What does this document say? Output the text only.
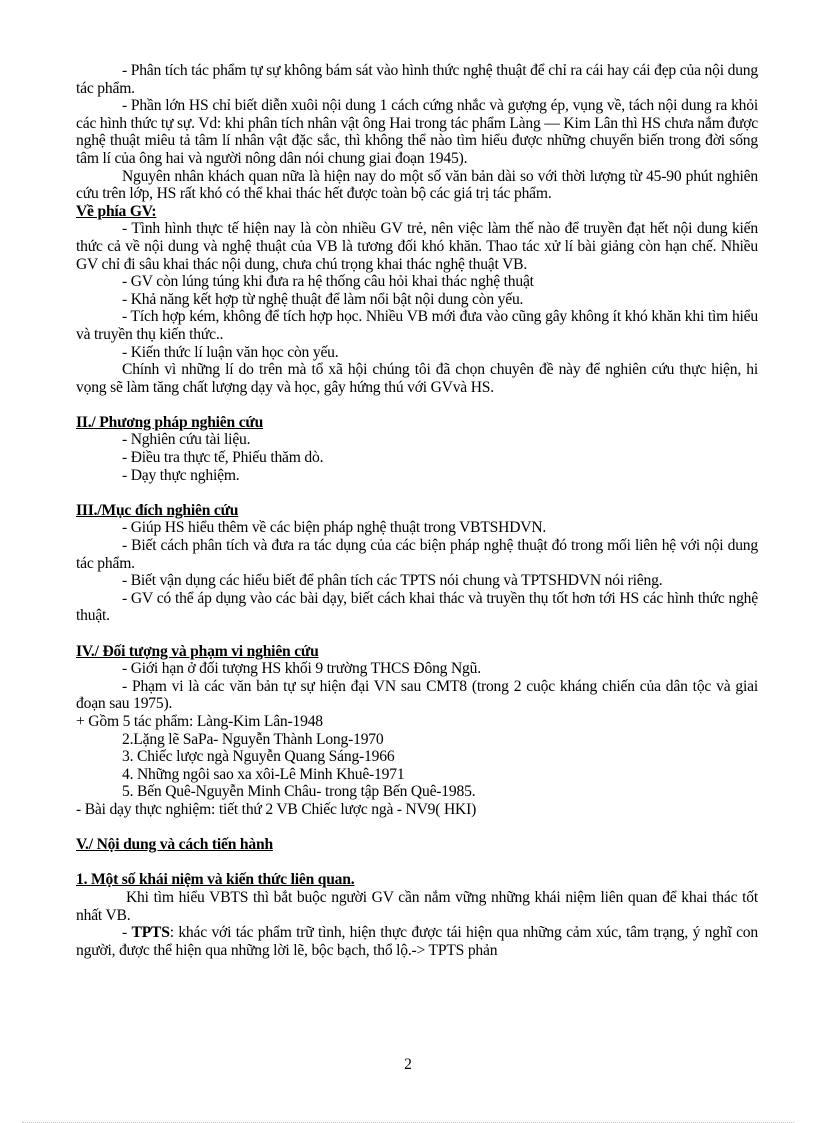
- Phân tích tác phẩm tự sự không bám sát vào hình thức nghệ thuật để chỉ ra cái hay cái đẹp của nội dung tác phẩm.

- Phần lớn HS chỉ biết diễn xuôi nội dung 1 cách cứng nhắc và gượng ép, vụng về, tách nội dung ra khỏi các hình thức tự sự. Vd: khi phân tích nhân vật ông Hai trong tác phẩm Làng — Kim Lân thì HS chưa nắm được nghệ thuật miêu tả tâm lí nhân vật đặc sắc, thì không thể nào tìm hiểu được những chuyển biến trong đời sống tâm lí của ông hai và người nông dân nói chung giai đoạn 1945).

Nguyên nhân khách quan nữa là hiện nay do một số văn bản dài so với thời lượng từ 45-90 phút nghiên cứu trên lớp, HS rất khó có thể khai thác hết được toàn bộ các giá trị tác phẩm.

Về phía GV:

- Tình hình thực tế hiện nay là còn nhiều GV trẻ, nên việc làm thế nào để truyền đạt hết nội dung kiến thức cả về nội dung và nghệ thuật của VB là tương đối khó khăn. Thao tác xử lí bài giảng còn hạn chế. Nhiều GV chỉ đi sâu khai thác nội dung, chưa chú trọng khai thác nghệ thuật VB.

- GV còn lúng túng khi đưa ra hệ thống câu hỏi khai thác nghệ thuật

- Khả năng kết hợp từ nghệ thuật để làm nổi bật nội dung còn yếu.

- Tích hợp kém, không để tích hợp học. Nhiều VB mới đưa vào cũng gây không ít khó khăn khi tìm hiểu và truyền thụ kiến thức..

- Kiến thức lí luận văn học còn yếu.

Chính vì những lí do trên mà tổ xã hội chúng tôi đã chọn chuyên đề này để nghiên cứu thực hiện, hi vọng sẽ làm tăng chất lượng dạy và học, gây hứng thú với GVvà HS.

II./ Phương pháp nghiên cứu

- Nghiên cứu tài liệu.

- Điều tra thực tế, Phiếu thăm dò.

- Dạy thực nghiệm.

III./Mục đích nghiên cứu

- Giúp HS hiểu thêm về các biện pháp nghệ thuật trong VBTSHDVN.

- Biết cách phân tích và đưa ra tác dụng của các biện pháp nghệ thuật đó trong mối liên hệ với nội dung tác phẩm.

- Biết vận dụng các hiểu biết để phân tích các TPTS nói chung và TPTSHDVN nói riêng.

- GV có thể áp dụng vào các bài dạy, biết cách khai thác và truyền thụ tốt hơn tới HS các hình thức nghệ thuật.

IV./ Đối tượng và phạm vi nghiên cứu

- Giới hạn ở đối tượng HS khối 9 trường THCS Đông Ngũ.

- Phạm vi là các văn bản tự sự hiện đại VN sau CMT8 (trong 2 cuộc kháng chiến của dân tộc và giai đoạn sau 1975).

+ Gồm 5 tác phẩm: Làng-Kim Lân-1948

2.Lặng lẽ SaPa- Nguyễn Thành Long-1970

3. Chiếc lược ngà Nguyễn Quang Sáng-1966

4. Những ngôi sao xa xôi-Lê Minh Khuê-1971

5. Bến Quê-Nguyễn Minh Châu- trong tập Bến Quê-1985.

- Bài dạy thực nghiệm: tiết thứ 2 VB Chiếc lược ngà - NV9( HKI)

V./ Nội dung và cách tiến hành

1. Một số khái niệm và kiến thức liên quan.

Khi tìm hiểu VBTS thì bắt buộc người GV cần nắm vững những khái niệm liên quan để khai thác tốt nhất VB.

- TPTS: khác với tác phẩm trữ tình, hiện thực được tái hiện qua những cảm xúc, tâm trạng, ý nghĩ con người, được thể hiện qua những lời lẽ, bộc bạch, thổ lộ.-> TPTS phản

2
